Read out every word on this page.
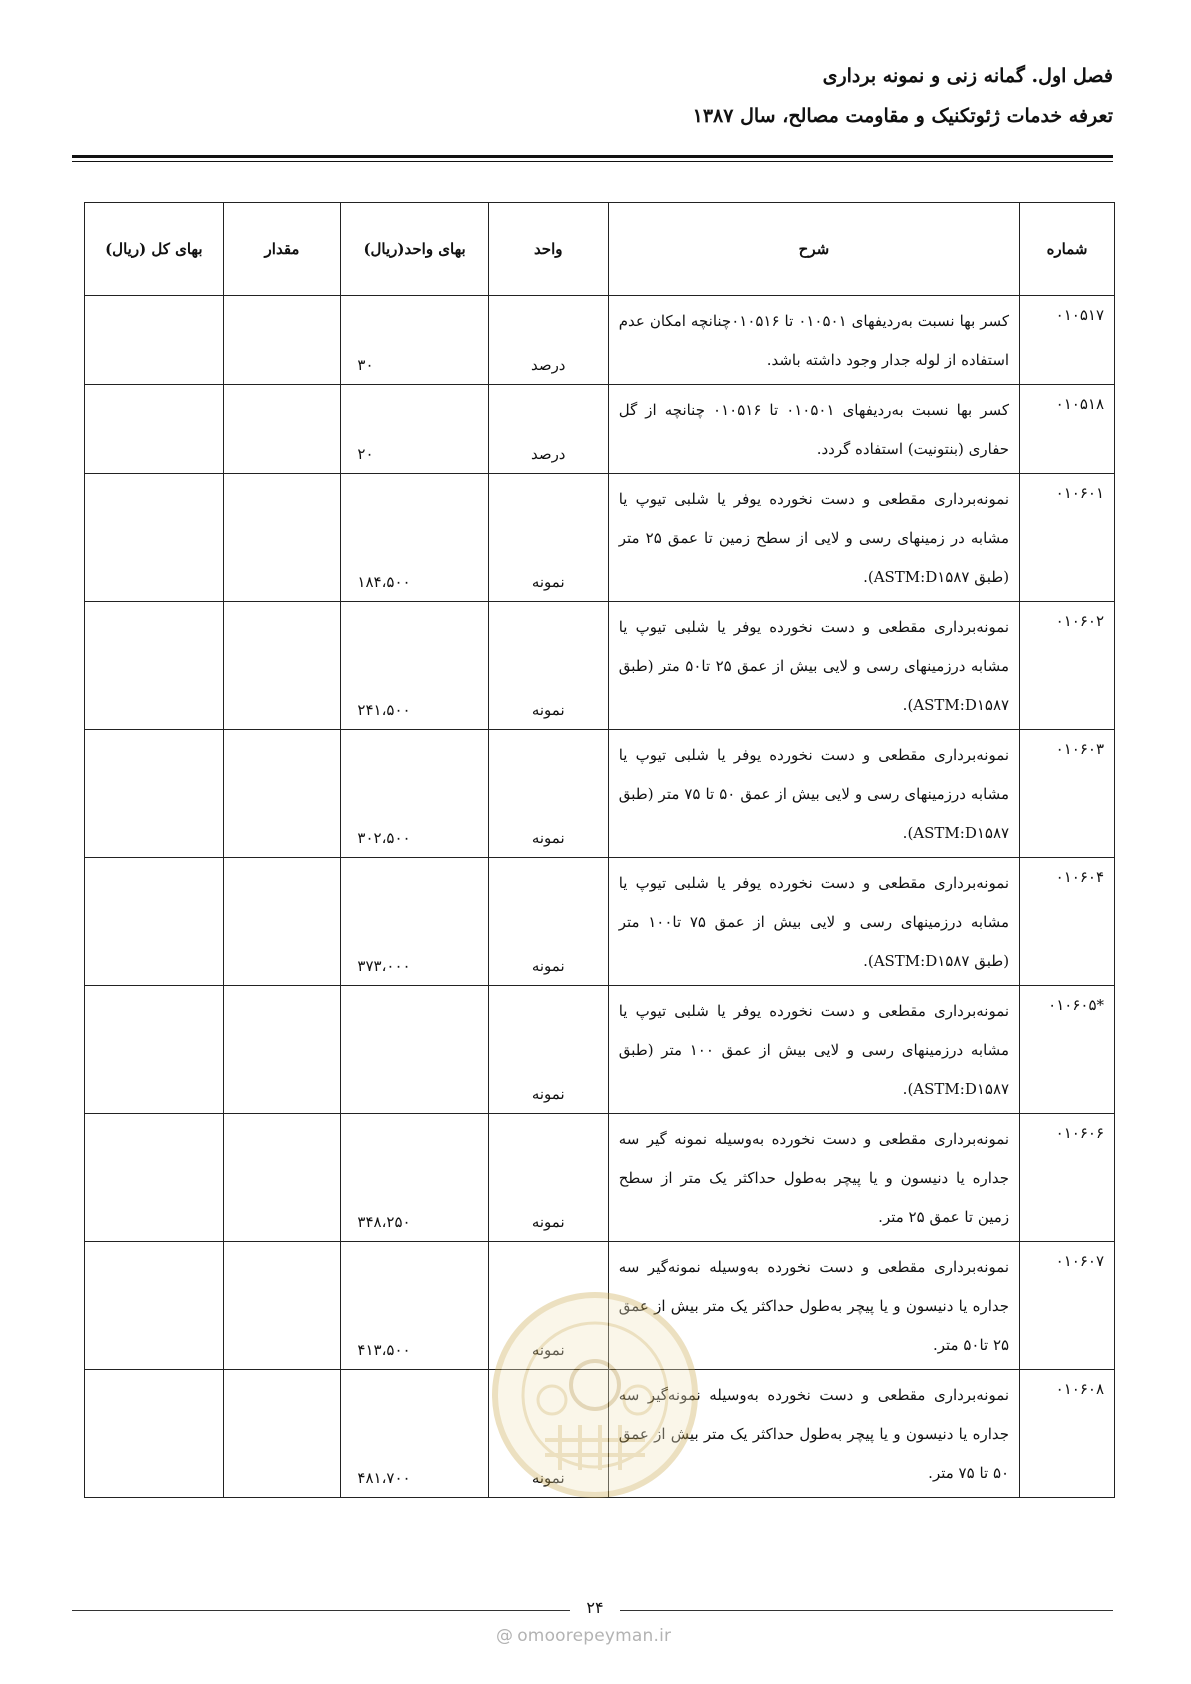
فصل اول. گمانه زنی و نمونه برداری
تعرفه خدمات ژئوتکنیک و مقاومت مصالح، سال ۱۳۸۷
شماره	شرح	واحد	بهای واحد(ریال)	مقدار	بهای کل (ریال)
۰۱۰۵۱۷	کسر بها نسبت به‌ردیفهای ۰۱۰۵۰۱ تا ۰۱۰۵۱۶چنانچه امکان عدم استفاده از لوله جدار وجود داشته باشد.	درصد	۳۰		
۰۱۰۵۱۸	کسر بها نسبت به‌ردیفهای ۰۱۰۵۰۱ تا ۰۱۰۵۱۶ چنانچه از گل حفاری (بنتونیت) استفاده گردد.	درصد	۲۰		
۰۱۰۶۰۱	نمونه‌برداری مقطعی و دست نخورده یوفر یا شلبی تیوپ یا مشابه در زمینهای رسی و لایی از سطح زمین تا عمق ۲۵ متر (طبق ASTM:D۱۵۸۷).	نمونه	۱۸۴،۵۰۰		
۰۱۰۶۰۲	نمونه‌برداری مقطعی و دست نخورده یوفر یا شلبی تیوپ یا مشابه درزمینهای رسی و لایی بیش از عمق ۲۵ تا۵۰ متر (طبق ASTM:D۱۵۸۷).	نمونه	۲۴۱،۵۰۰		
۰۱۰۶۰۳	نمونه‌برداری مقطعی و دست نخورده یوفر یا شلبی تیوپ یا مشابه درزمینهای رسی و لایی بیش از عمق ۵۰ تا ۷۵ متر (طبق ASTM:D۱۵۸۷).	نمونه	۳۰۲،۵۰۰		
۰۱۰۶۰۴	نمونه‌برداری مقطعی و دست نخورده یوفر یا شلبی تیوپ یا مشابه درزمینهای رسی و لایی بیش از عمق ۷۵ تا۱۰۰ متر (طبق ASTM:D۱۵۸۷).	نمونه	۳۷۳،۰۰۰		
*۰۱۰۶۰۵	نمونه‌برداری مقطعی و دست نخورده یوفر یا شلبی تیوپ یا مشابه درزمینهای رسی و لایی بیش از عمق ۱۰۰ متر (طبق ASTM:D۱۵۸۷).	نمونه			
۰۱۰۶۰۶	نمونه‌برداری مقطعی و دست نخورده به‌وسیله نمونه گیر سه جداره یا دنیسون و یا پیچر به‌طول حداکثر یک متر از سطح زمین تا عمق ۲۵ متر.	نمونه	۳۴۸،۲۵۰		
۰۱۰۶۰۷	نمونه‌برداری مقطعی و دست نخورده به‌وسیله نمونه‌گیر سه جداره یا دنیسون و یا پیچر به‌طول حداکثر یک متر بیش از عمق ۲۵ تا۵۰ متر.	نمونه	۴۱۳،۵۰۰		
۰۱۰۶۰۸	نمونه‌برداری مقطعی و دست نخورده به‌وسیله نمونه‌گیر سه جداره یا دنیسون و یا پیچر به‌طول حداکثر یک متر بیش از عمق ۵۰ تا ۷۵ متر.	نمونه	۴۸۱،۷۰۰		
۲۴
@ omoorepeyman.ir
